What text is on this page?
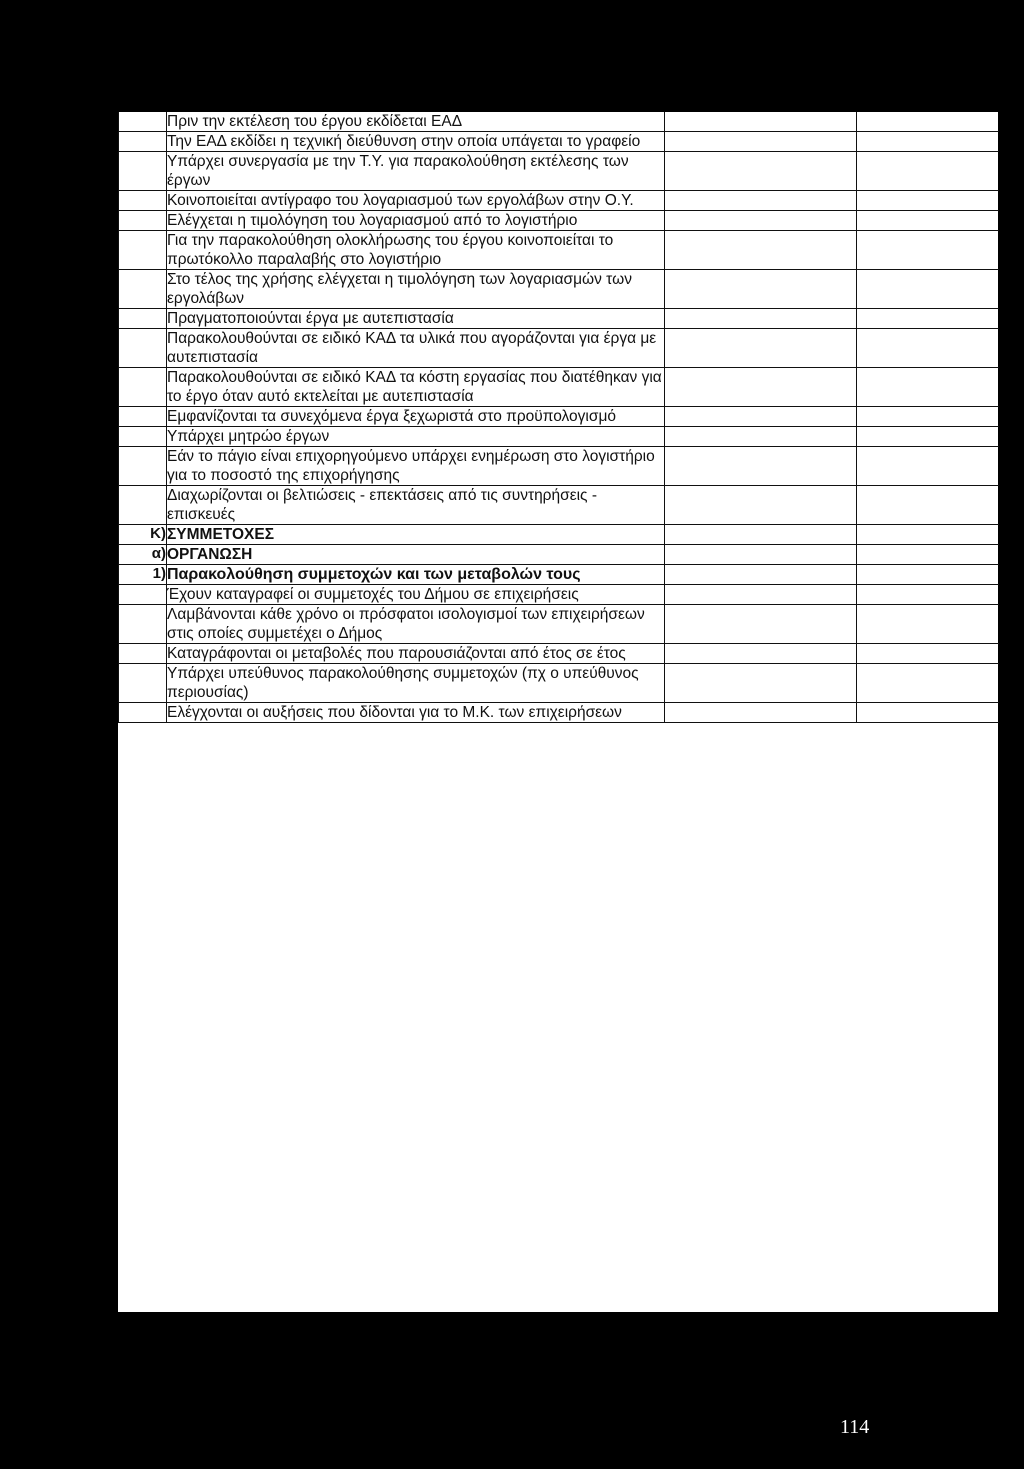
	Πριν την εκτέλεση του έργου εκδίδεται ΕΑΔ		
	Την ΕΑΔ εκδίδει η τεχνική διεύθυνση στην οποία υπάγεται το γραφείο		
	Υπάρχει συνεργασία με την Τ.Υ. για παρακολούθηση εκτέλεσης των έργων		
	Κοινοποιείται αντίγραφο του λογαριασμού των εργολάβων στην Ο.Υ.		
	Ελέγχεται η τιμολόγηση του λογαριασμού από το λογιστήριο		
	Για την παρακολούθηση ολοκλήρωσης του έργου κοινοποιείται το πρωτόκολλο παραλαβής στο λογιστήριο		
	Στο τέλος της χρήσης ελέγχεται η τιμολόγηση των λογαριασμών των εργολάβων		
	Πραγματοποιούνται έργα με αυτεπιστασία		
	Παρακολουθούνται σε ειδικό ΚΑΔ τα υλικά που αγοράζονται για έργα με αυτεπιστασία		
	Παρακολουθούνται σε ειδικό ΚΑΔ τα κόστη εργασίας που διατέθηκαν για το έργο όταν αυτό εκτελείται με αυτεπιστασία		
	Εμφανίζονται τα συνεχόμενα έργα ξεχωριστά στο προϋπολογισμό		
	Υπάρχει μητρώο έργων		
	Εάν το πάγιο είναι επιχορηγούμενο υπάρχει ενημέρωση στο λογιστήριο για το ποσοστό της επιχορήγησης		
	Διαχωρίζονται οι βελτιώσεις - επεκτάσεις από τις συντηρήσεις - επισκευές		
Κ)	ΣΥΜΜΕΤΟΧΕΣ		
α)	ΟΡΓΑΝΩΣΗ		
1)	Παρακολούθηση συμμετοχών και των μεταβολών τους		
	Έχουν καταγραφεί οι συμμετοχές του Δήμου σε επιχειρήσεις		
	Λαμβάνονται κάθε χρόνο οι πρόσφατοι ισολογισμοί των επιχειρήσεων στις οποίες συμμετέχει ο Δήμος		
	Καταγράφονται οι μεταβολές που παρουσιάζονται από έτος σε έτος		
	Υπάρχει υπεύθυνος παρακολούθησης συμμετοχών (πχ ο υπεύθυνος περιουσίας)		
	Ελέγχονται οι αυξήσεις που δίδονται για το Μ.Κ. των επιχειρήσεων		
114
